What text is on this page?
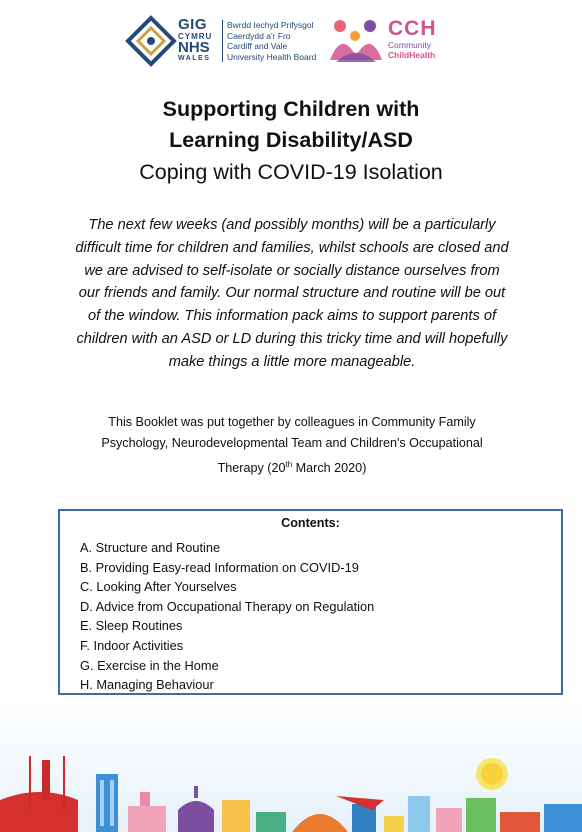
GIG
CYMRU
NHS
WALES
Bwrdd Iechyd Prifysgol
Caerdydd a'r Fro
Cardiff and Vale
University Health Board
CCH
Community
ChildHealth
Supporting Children with
Learning Disability/ASD
Coping with COVID-19 Isolation
The next few weeks (and possibly months) will be a particularly difficult time for children and families, whilst schools are closed and we are advised to self-isolate or socially distance ourselves from our friends and family. Our normal structure and routine will be out of the window. This information pack aims to support parents of children with an ASD or LD during this tricky time and will hopefully make things a little more manageable.
This Booklet was put together by colleagues in Community Family Psychology, Neurodevelopmental Team and Children's Occupational Therapy (20th March 2020)
Contents:
A. Structure and Routine
B. Providing Easy-read Information on COVID-19
C. Looking After Yourselves
D. Advice from Occupational Therapy on Regulation
E. Sleep Routines
F. Indoor Activities
G. Exercise in the Home
H. Managing Behaviour
